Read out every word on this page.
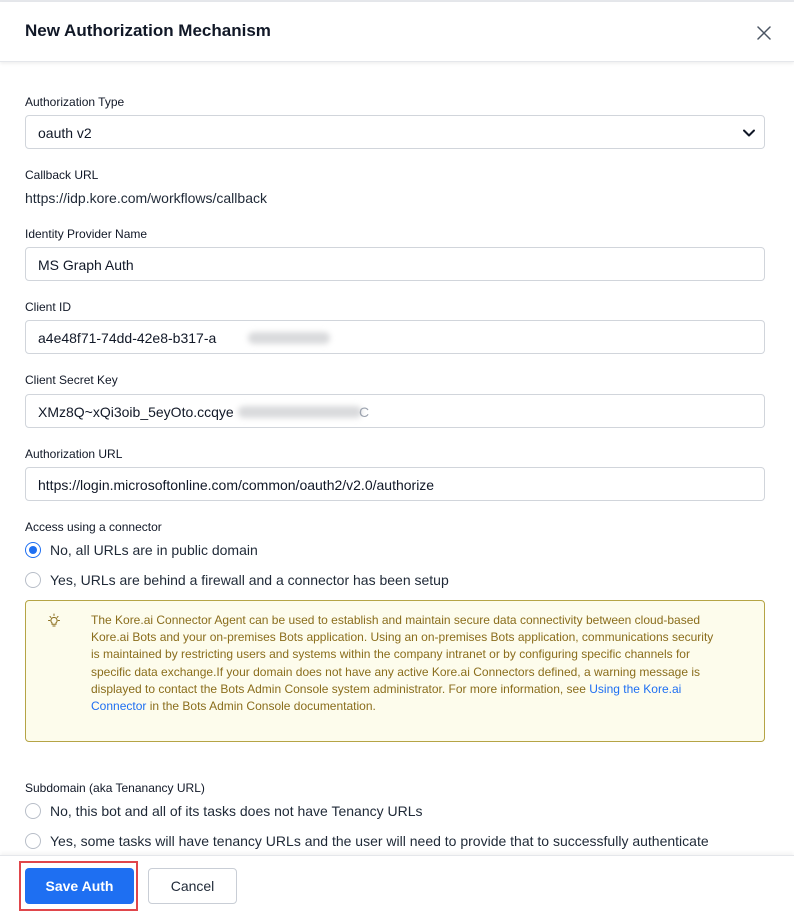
New Authorization Mechanism
Authorization Type
oauth v2
Callback URL
https://idp.kore.com/workflows/callback
Identity Provider Name
MS Graph Auth
Client ID
a4e48f71-74dd-42e8-b317-a
Client Secret Key
XMz8Q~xQi3oib_5eyOto.ccqye	C
Authorization URL
https://login.microsoftonline.com/common/oauth2/v2.0/authorize
Access using a connector
No, all URLs are in public domain
Yes, URLs are behind a firewall and a connector has been setup
The Kore.ai Connector Agent can be used to establish and maintain secure data connectivity between cloud-based Kore.ai Bots and your on-premises Bots application. Using an on-premises Bots application, communications security is maintained by restricting users and systems within the company intranet or by configuring specific channels for specific data exchange.If your domain does not have any active Kore.ai Connectors defined, a warning message is displayed to contact the Bots Admin Console system administrator. For more information, see Using the Kore.ai Connector in the Bots Admin Console documentation.
Subdomain (aka Tenanancy URL)
No, this bot and all of its tasks does not have Tenancy URLs
Yes, some tasks will have tenancy URLs and the user will need to provide that to successfully authenticate
Save Auth	Cancel
